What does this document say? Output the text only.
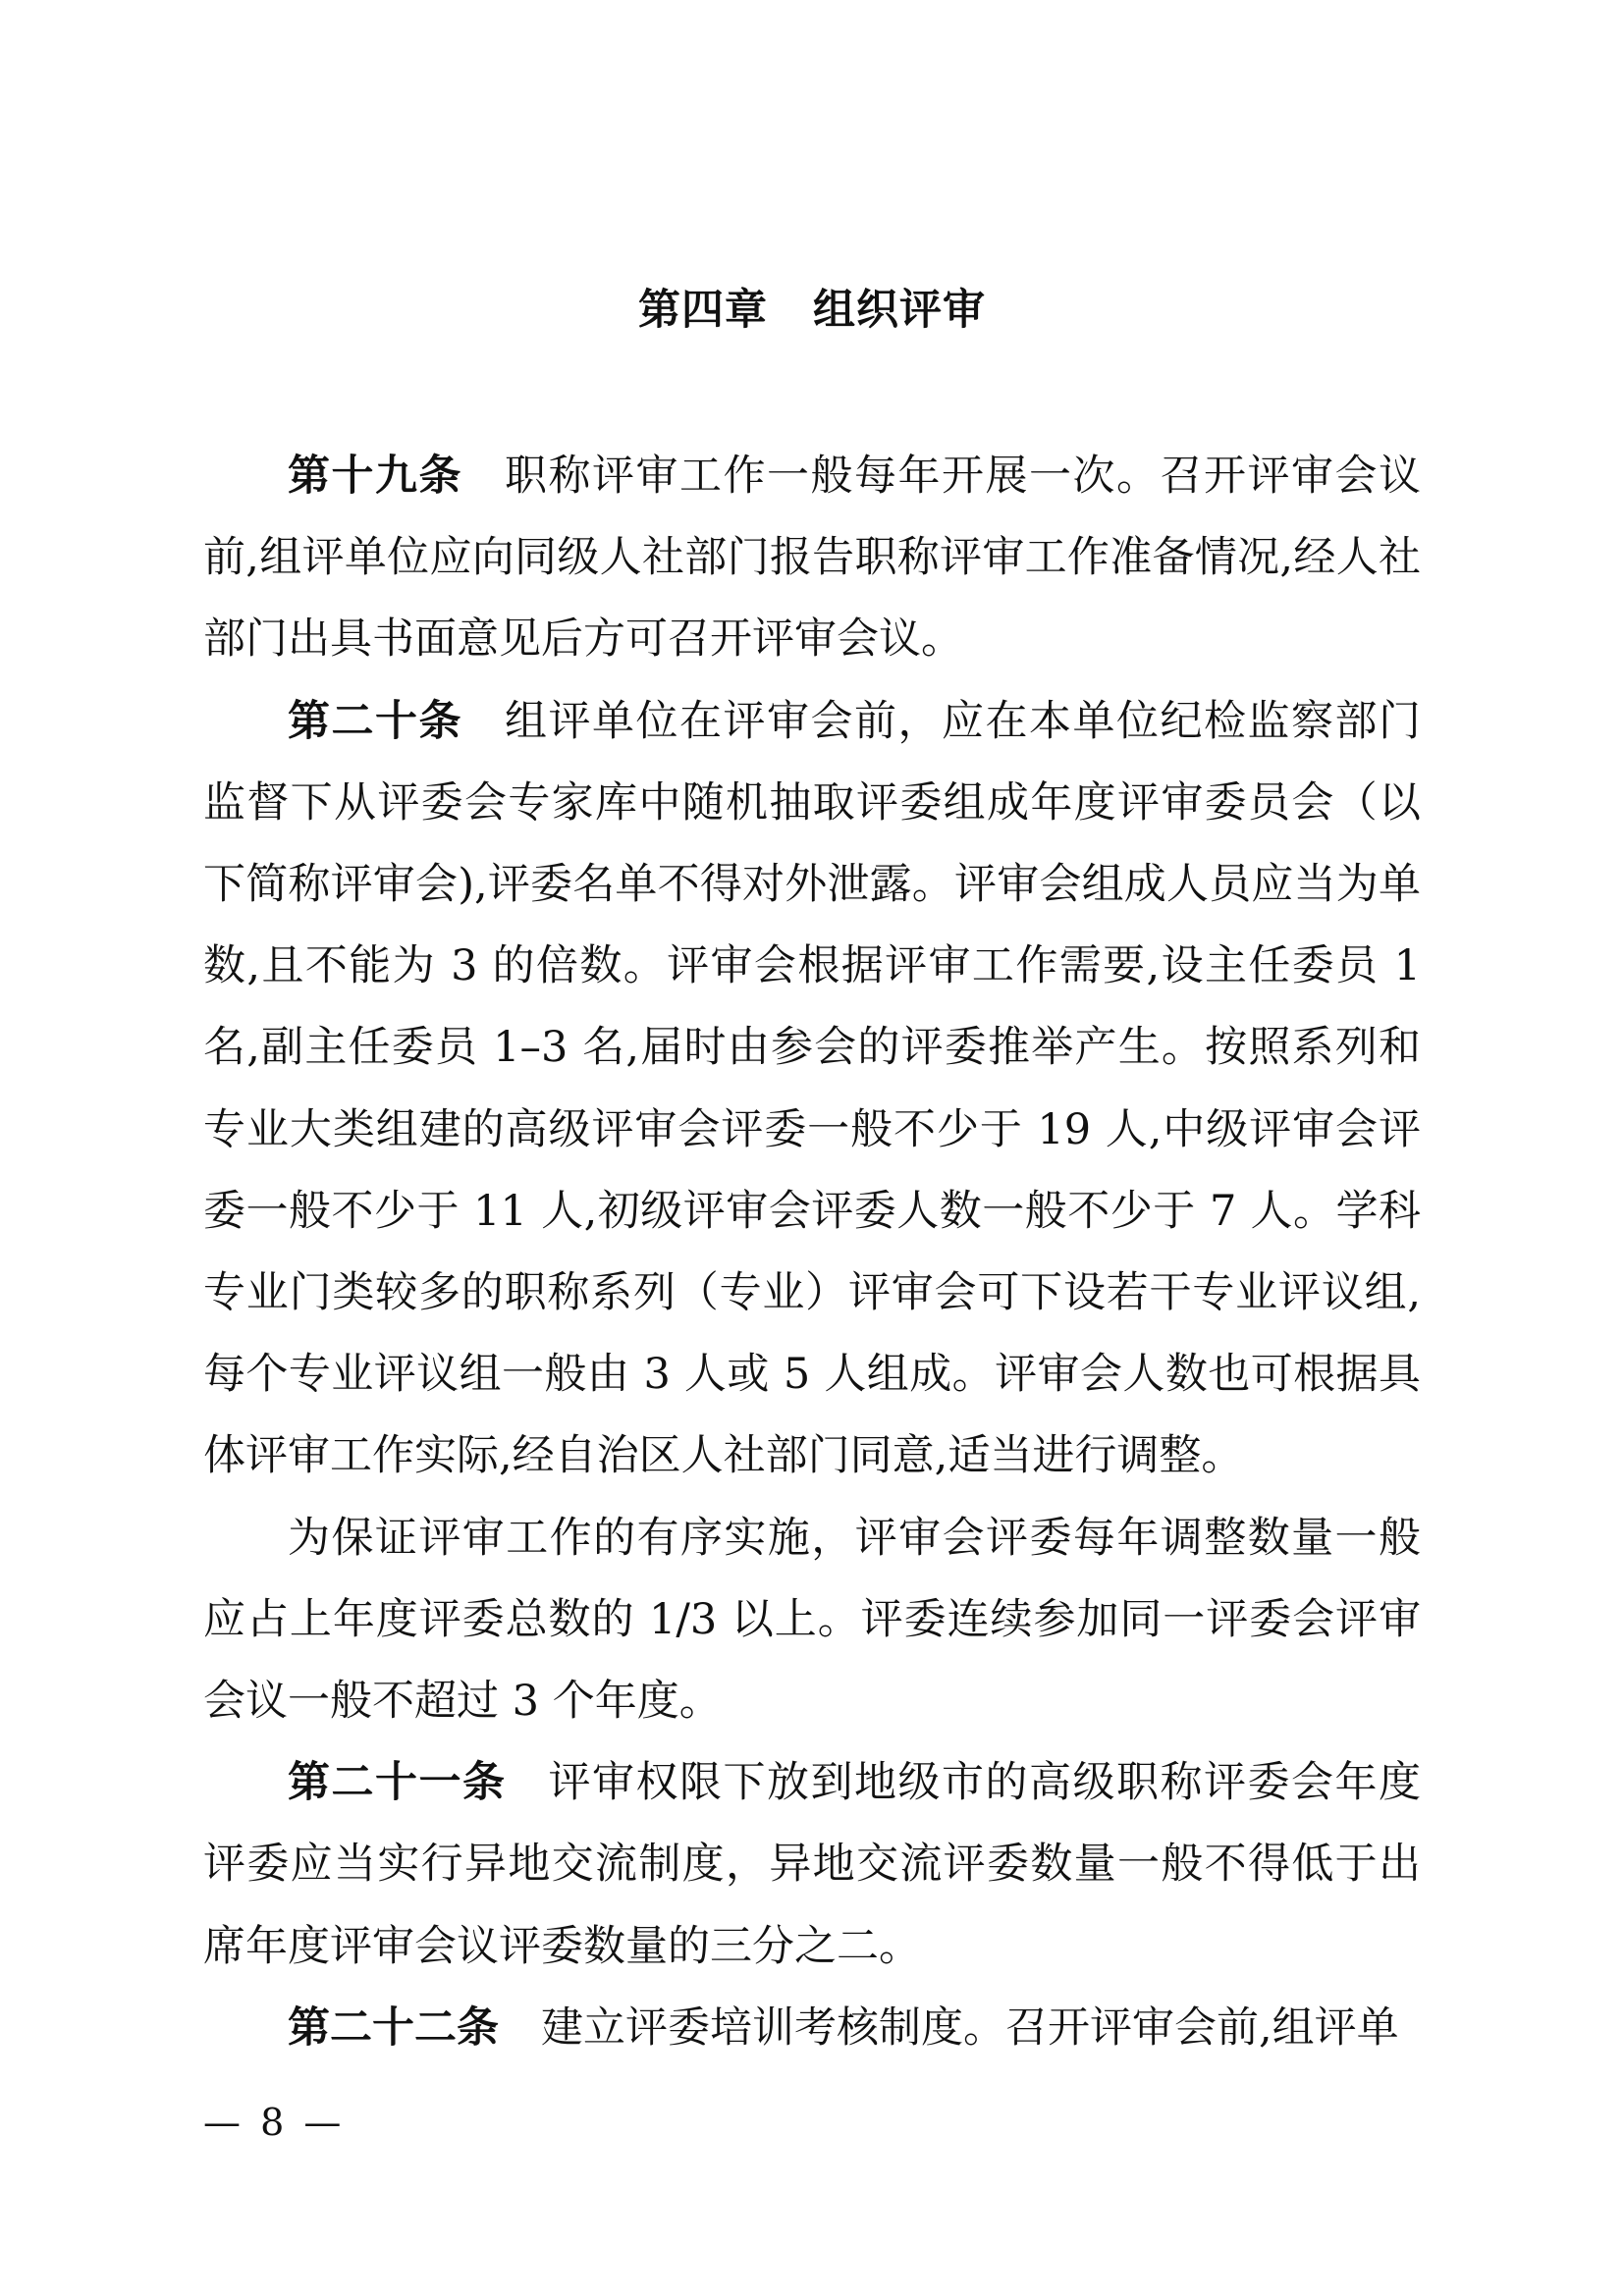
第四章 组织评审

第十九条 职称评审工作一般每年开展一次。召开评审会议前,组评单位应向同级人社部门报告职称评审工作准备情况,经人社部门出具书面意见后方可召开评审会议。

第二十条 组评单位在评审会前，应在本单位纪检监察部门监督下从评委会专家库中随机抽取评委组成年度评审委员会（以下简称评审会),评委名单不得对外泄露。评审会组成人员应当为单数,且不能为 3 的倍数。评审会根据评审工作需要,设主任委员 1 名,副主任委员 1–3 名,届时由参会的评委推举产生。按照系列和专业大类组建的高级评审会评委一般不少于 19 人,中级评审会评委一般不少于 11 人,初级评审会评委人数一般不少于 7 人。学科专业门类较多的职称系列（专业）评审会可下设若干专业评议组,每个专业评议组一般由 3 人或 5 人组成。评审会人数也可根据具体评审工作实际,经自治区人社部门同意,适当进行调整。

为保证评审工作的有序实施，评审会评委每年调整数量一般应占上年度评委总数的 1/3 以上。评委连续参加同一评委会评审会议一般不超过 3 个年度。

第二十一条 评审权限下放到地级市的高级职称评委会年度评委应当实行异地交流制度，异地交流评委数量一般不得低于出席年度评审会议评委数量的三分之二。

第二十二条 建立评委培训考核制度。召开评审会前,组评单

— 8 —
